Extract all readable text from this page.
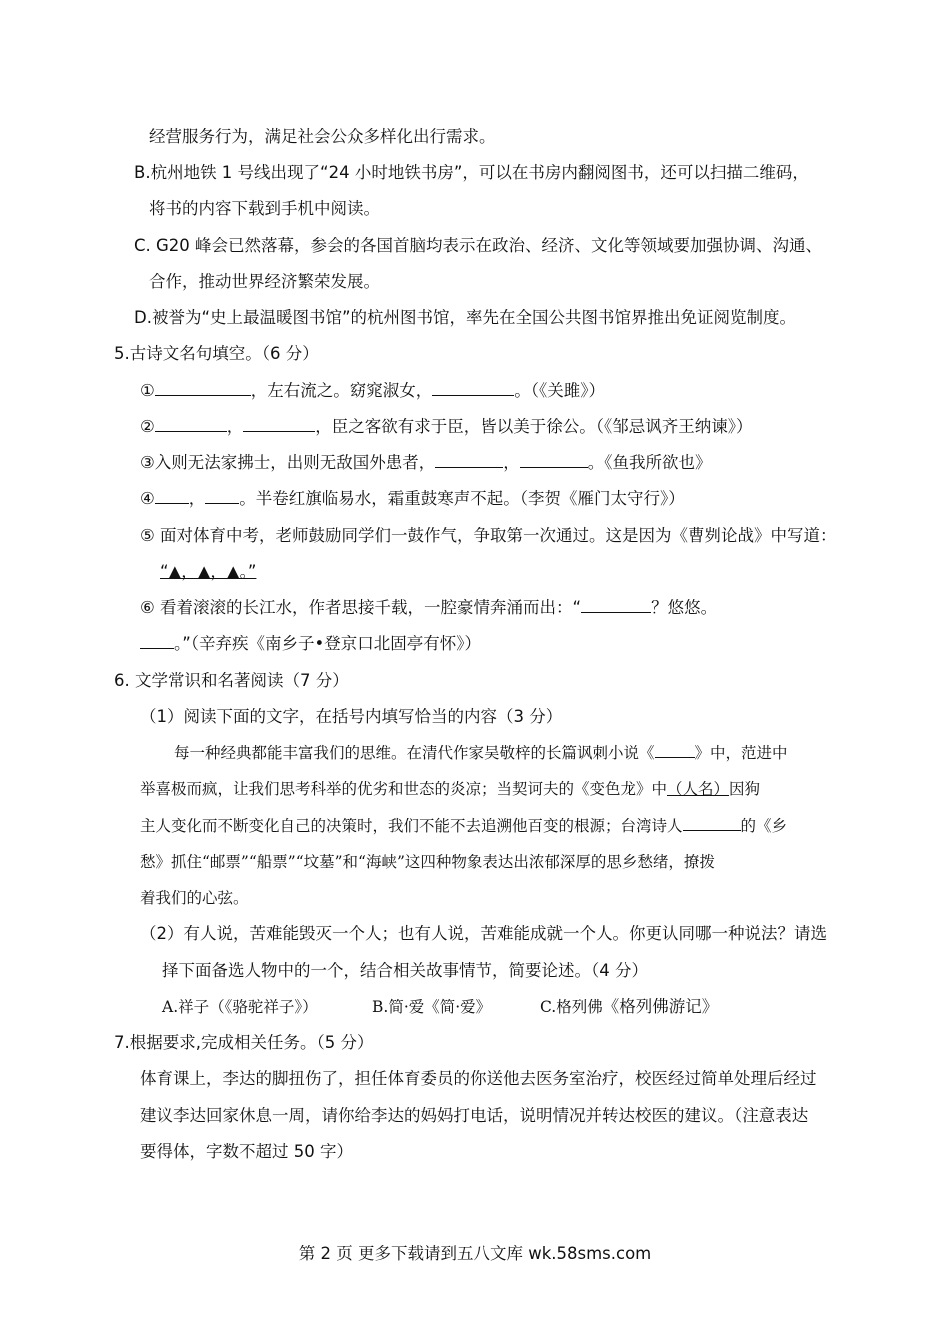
经营服务行为，满足社会公众多样化出行需求。
B.杭州地铁 1 号线出现了“24 小时地铁书房”，可以在书房内翻阅图书，还可以扫描二维码，
将书的内容下载到手机中阅读。
C. G20 峰会已然落幕，参会的各国首脑均表示在政治、经济、文化等领域要加强协调、沟通、
合作，推动世界经济繁荣发展。
D.被誉为“史上最温暖图书馆”的杭州图书馆，率先在全国公共图书馆界推出免证阅览制度。
5.古诗文名句填空。（6 分）
①	，左右流之。窈窕淑女，	。（《关雎》）
②	，	，臣之客欲有求于臣，皆以美于徐公。（《邹忌讽齐王纳谏》）
③入则无法家拂士，出则无敌国外患者，	，	。《鱼我所欲也》
④ ， 。半卷红旗临易水，霜重鼓寒声不起。（李贺《雁门太守行》）
⑤ 面对体育中考，老师鼓励同学们一鼓作气，争取第一次通过。这是因为《曹刿论战》中写道：
“▲，▲，▲。”
⑥ 看着滚滚的长江水，作者思接千载，一腔豪情奔涌而出：“	？悠悠。
。”（辛弃疾《南乡子•登京口北固亭有怀》）
6. 文学常识和名著阅读（7 分）
（1）阅读下面的文字，在括号内填写恰当的内容（3 分）
每一种经典都能丰富我们的思维。在清代作家吴敬梓的长篇讽刺小说《	》中，范进中
举喜极而疯，让我们思考科举的优劣和世态的炎凉；当契诃夫的《变色龙》中（人名）因狗
主人变化而不断变化自己的决策时，我们不能不去追溯他百变的根源；台湾诗人	的《乡
愁》抓住“邮票”“船票”“坟墓”和“海峡”这四种物象表达出浓郁深厚的思乡愁绪，撩拨
着我们的心弦。
（2）有人说，苦难能毁灭一个人；也有人说，苦难能成就一个人。你更认同哪一种说法？请选
择下面备选人物中的一个，结合相关故事情节，简要论述。（4 分）
A.祥子（《骆驼祥子》）	B.简·爱《简·爱》	C.格列佛《格列佛游记》
7.根据要求,完成相关任务。（5 分）
体育课上，李达的脚扭伤了，担任体育委员的你送他去医务室治疗，校医经过简单处理后经过
建议李达回家休息一周，请你给李达的妈妈打电话，说明情况并转达校医的建议。（注意表达
要得体，字数不超过 50 字）
第 2 页 更多下载请到五八文库 wk.58sms.com
